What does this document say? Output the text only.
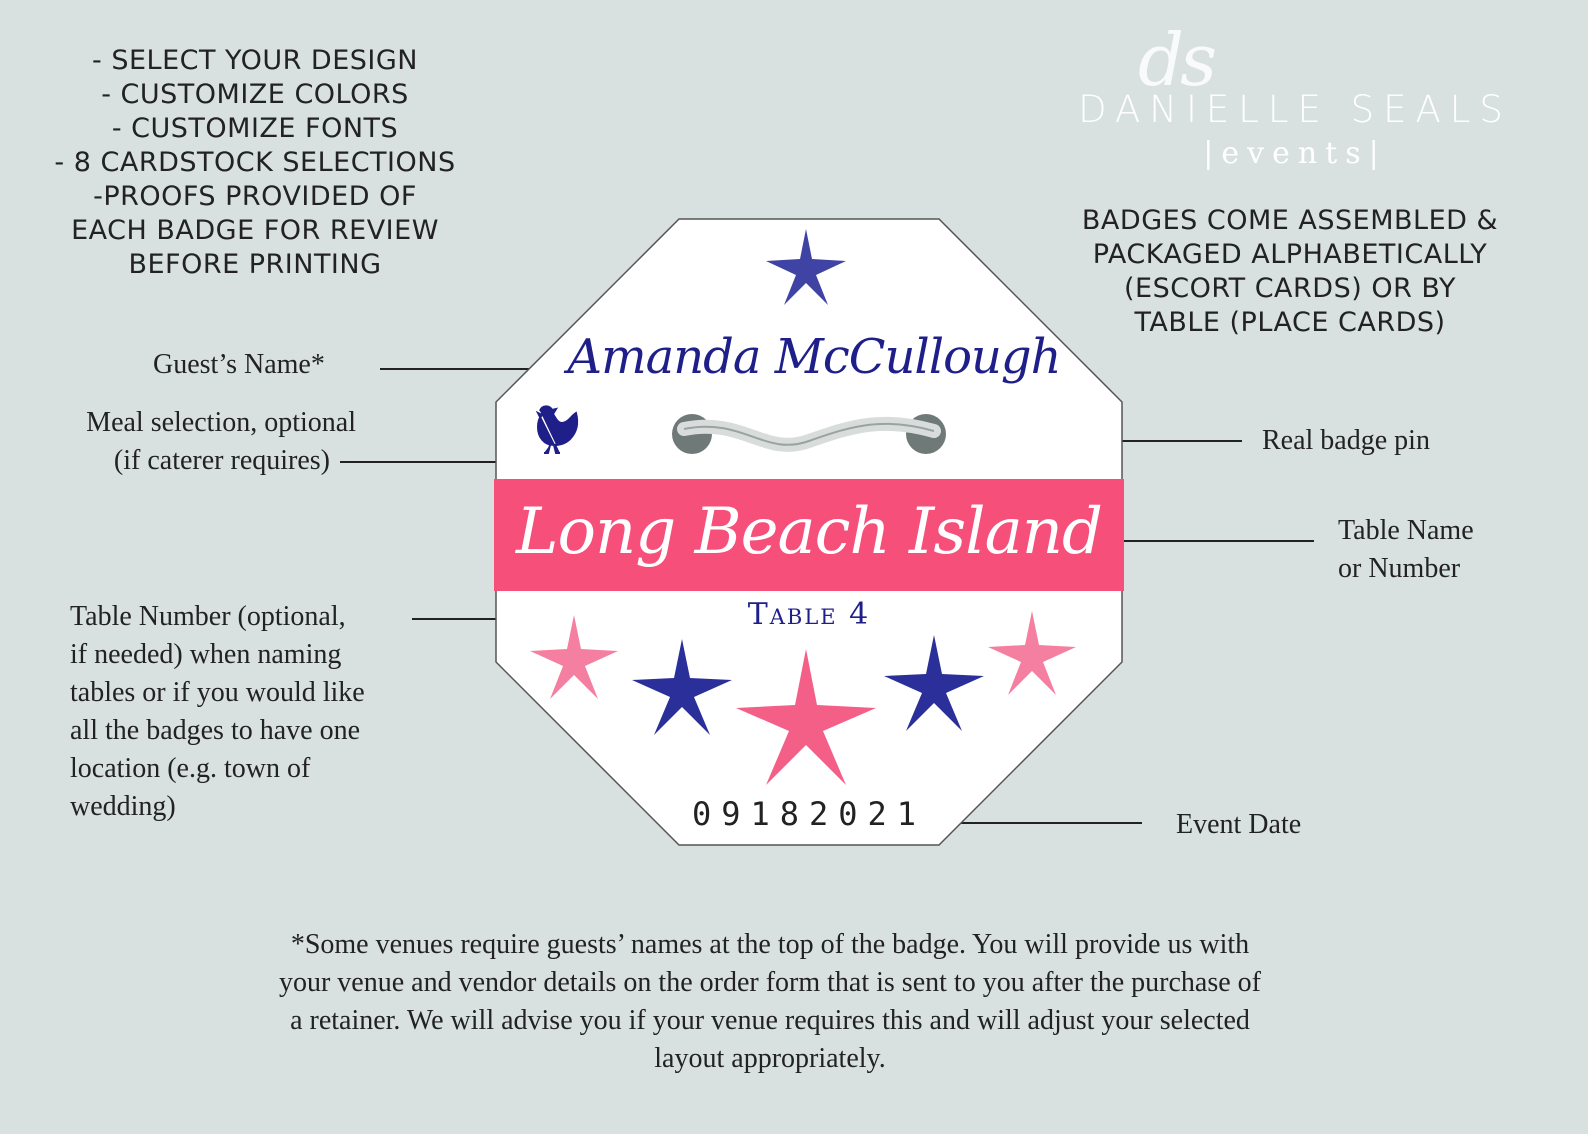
- SELECT YOUR DESIGN
- CUSTOMIZE COLORS
- CUSTOMIZE FONTS
- 8 CARDSTOCK SELECTIONS
-PROOFS PROVIDED OF
EACH BADGE FOR REVIEW
BEFORE PRINTING
ds
DANIELLE SEALS
|events|
BADGES COME ASSEMBLED &
PACKAGED ALPHABETICALLY
(ESCORT CARDS) OR BY
TABLE (PLACE CARDS)
Guest’s Name*
Meal selection, optional
(if caterer requires)
Table Number (optional,
if needed) when naming
tables or if you would like
all the badges to have one
location (e.g. town of
wedding)
Real badge pin
Table Name
or Number
Event Date
Amanda McCullough
Long Beach Island
Table 4
09182021
*Some venues require guests’ names at the top of the badge. You will provide us with
your venue and vendor details on the order form that is sent to you after the purchase of
a retainer. We will advise you if your venue requires this and will adjust your selected
layout appropriately.
